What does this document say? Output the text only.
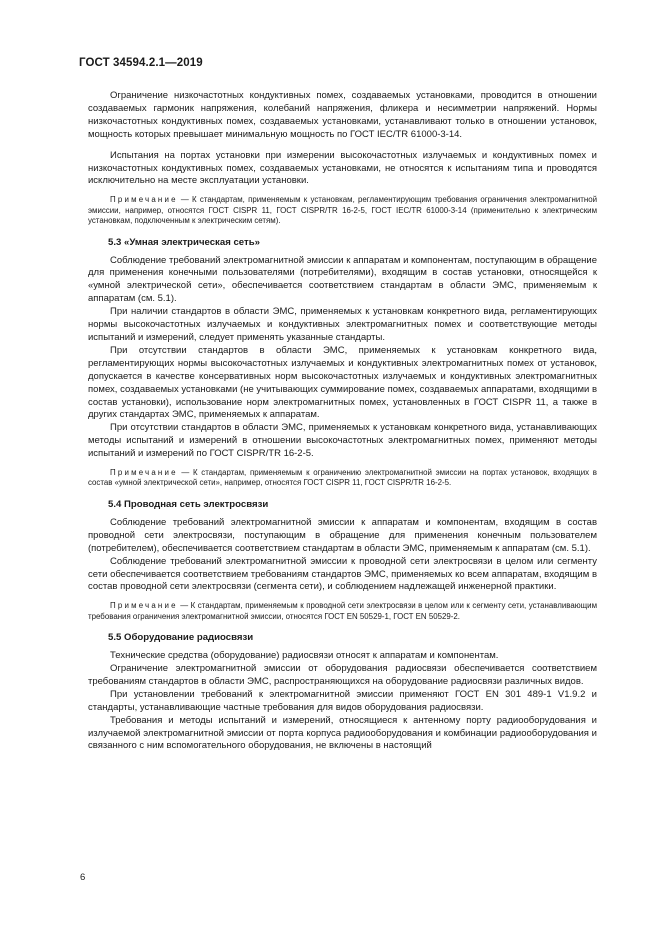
ГОСТ 34594.2.1—2019

Ограничение низкочастотных кондуктивных помех, создаваемых установками, проводится в отношении создаваемых гармоник напряжения, колебаний напряжения, фликера и несимметрии напряжений. Нормы низкочастотных кондуктивных помех, создаваемых установками, устанавливают только в отношении установок, мощность которых превышает минимальную мощность по ГОСТ IEC/TR 61000-3-14.

Испытания на портах установки при измерении высокочастотных излучаемых и кондуктивных помех и низкочастотных кондуктивных помех, создаваемых установками, не относятся к испытаниям типа и проводятся исключительно на месте эксплуатации установки.

Примечание — К стандартам, применяемым к установкам, регламентирующим требования ограничения электромагнитной эмиссии, например, относятся ГОСТ CISPR 11, ГОСТ CISPR/TR 16-2-5, ГОСТ IEC/TR 61000-3-14 (применительно к электрическим установкам, подключенным к электрическим сетям).

5.3 «Умная электрическая сеть»

Соблюдение требований электромагнитной эмиссии к аппаратам и компонентам, поступающим в обращение для применения конечными пользователями (потребителями), входящим в состав установки, относящейся к «умной электрической сети», обеспечивается соответствием стандартам в области ЭМС, применяемым к аппаратам (см. 5.1).

При наличии стандартов в области ЭМС, применяемых к установкам конкретного вида, регламентирующих нормы высокочастотных излучаемых и кондуктивных электромагнитных помех и соответствующие методы испытаний и измерений, следует применять указанные стандарты.

При отсутствии стандартов в области ЭМС, применяемых к установкам конкретного вида, регламентирующих нормы высокочастотных излучаемых и кондуктивных электромагнитных помех от установок, допускается в качестве консервативных норм высокочастотных излучаемых и кондуктивных электромагнитных помех, создаваемых установками (не учитывающих суммирование помех, создаваемых аппаратами, входящими в состав установки), использование норм электромагнитных помех, установленных в ГОСТ CISPR 11, а также в других стандартах ЭМС, применяемых к аппаратам.

При отсутствии стандартов в области ЭМС, применяемых к установкам конкретного вида, устанавливающих методы испытаний и измерений в отношении высокочастотных электромагнитных помех, применяют методы испытаний и измерений по ГОСТ CISPR/TR 16-2-5.

Примечание — К стандартам, применяемым к ограничению электромагнитной эмиссии на портах установок, входящих в состав «умной электрической сети», например, относятся ГОСТ CISPR 11, ГОСТ CISPR/TR 16-2-5.

5.4 Проводная сеть электросвязи

Соблюдение требований электромагнитной эмиссии к аппаратам и компонентам, входящим в состав проводной сети электросвязи, поступающим в обращение для применения конечным пользователем (потребителем), обеспечивается соответствием стандартам в области ЭМС, применяемым к аппаратам (см. 5.1).

Соблюдение требований электромагнитной эмиссии к проводной сети электросвязи в целом или сегменту сети обеспечивается соответствием требованиям стандартов ЭМС, применяемых ко всем аппаратам, входящим в состав проводной сети электросвязи (сегмента сети), и соблюдением надлежащей инженерной практики.

Примечание — К стандартам, применяемым к проводной сети электросвязи в целом или к сегменту сети, устанавливающим требования ограничения электромагнитной эмиссии, относятся ГОСТ EN 50529-1, ГОСТ EN 50529-2.

5.5 Оборудование радиосвязи

Технические средства (оборудование) радиосвязи относят к аппаратам и компонентам.

Ограничение электромагнитной эмиссии от оборудования радиосвязи обеспечивается соответствием требованиям стандартов в области ЭМС, распространяющихся на оборудование радиосвязи различных видов.

При установлении требований к электромагнитной эмиссии применяют ГОСТ EN 301 489-1 V1.9.2 и стандарты, устанавливающие частные требования для видов оборудования радиосвязи.

Требования и методы испытаний и измерений, относящиеся к антенному порту радиооборудования и излучаемой электромагнитной эмиссии от порта корпуса радиооборудования и комбинации радиооборудования и связанного с ним вспомогательного оборудования, не включены в настоящий

6
